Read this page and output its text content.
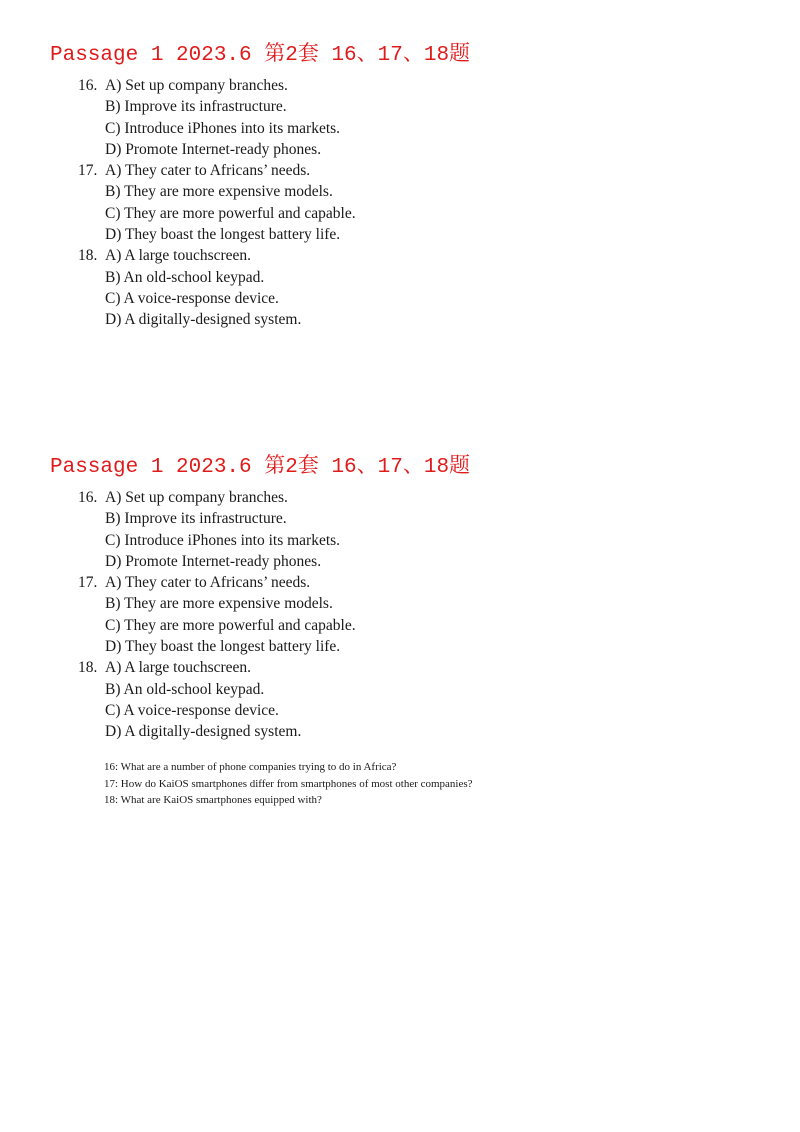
Passage 1 2023.6 第2套 16、17、18题
16. A) Set up company branches.
B) Improve its infrastructure.
C) Introduce iPhones into its markets.
D) Promote Internet-ready phones.
17. A) They cater to Africans’ needs.
B) They are more expensive models.
C) They are more powerful and capable.
D) They boast the longest battery life.
18. A) A large touchscreen.
B) An old-school keypad.
C) A voice-response device.
D) A digitally-designed system.
Passage 1 2023.6 第2套 16、17、18题
16. A) Set up company branches.
B) Improve its infrastructure.
C) Introduce iPhones into its markets.
D) Promote Internet-ready phones.
17. A) They cater to Africans’ needs.
B) They are more expensive models.
C) They are more powerful and capable.
D) They boast the longest battery life.
18. A) A large touchscreen.
B) An old-school keypad.
C) A voice-response device.
D) A digitally-designed system.
16: What are a number of phone companies trying to do in Africa?
17: How do KaiOS smartphones differ from smartphones of most other companies?
18: What are KaiOS smartphones equipped with?
